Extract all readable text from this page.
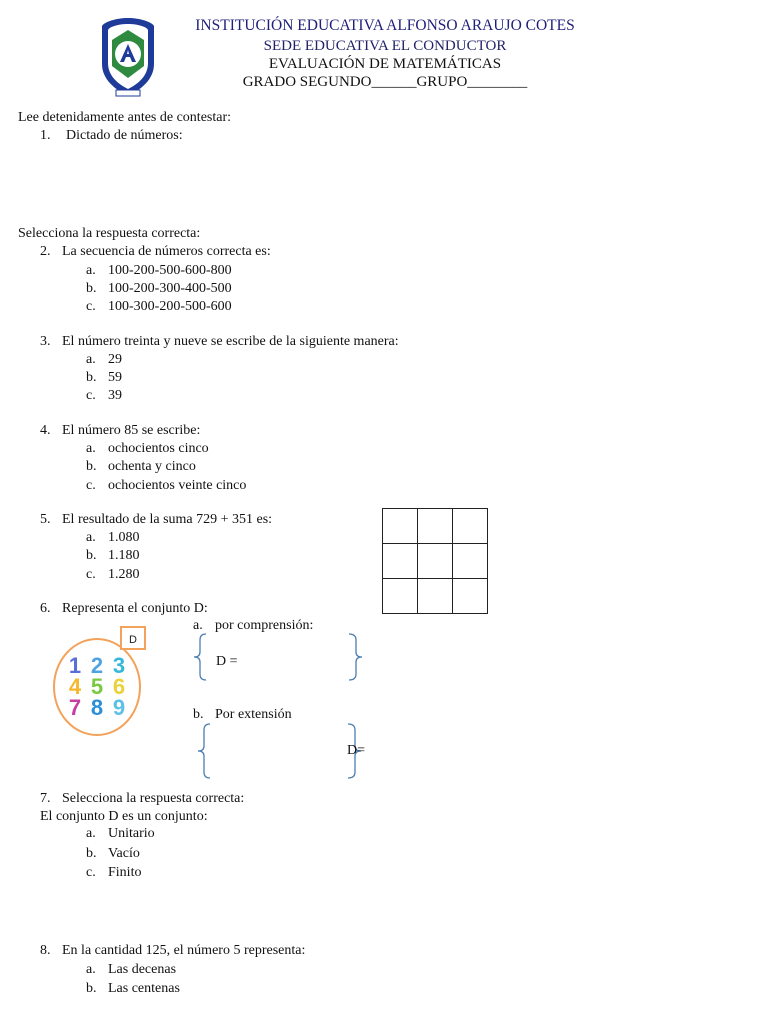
INSTITUCIÓN EDUCATIVA ALFONSO ARAUJO COTES
SEDE EDUCATIVA EL CONDUCTOR
EVALUACIÓN DE MATEMÁTICAS
GRADO SEGUNDO______GRUPO________
Lee detenidamente antes de contestar:
1. Dictado de números:
Selecciona la respuesta correcta:
2. La secuencia de números correcta es:
a. 100-200-500-600-800
b. 100-200-300-400-500
c. 100-300-200-500-600
3. El número treinta y nueve se escribe de la siguiente manera:
a. 29
b. 59
c. 39
4. El número 85 se escribe:
a. ochocientos cinco
b. ochenta y cinco
c. ochocientos veinte cinco
5. El resultado de la suma 729 + 351 es:
a. 1.080
b. 1.180
c. 1.280

6. Representa el conjunto D:
D
1 2 3
4 5 6
7 8 9
a. por comprensión:
D =
b. Por extensión
D=
7. Selecciona la respuesta correcta:
El conjunto D es un conjunto:
a. Unitario
b. Vacío
c. Finito
8. En la cantidad 125, el número 5 representa:
a. Las decenas
b. Las centenas
